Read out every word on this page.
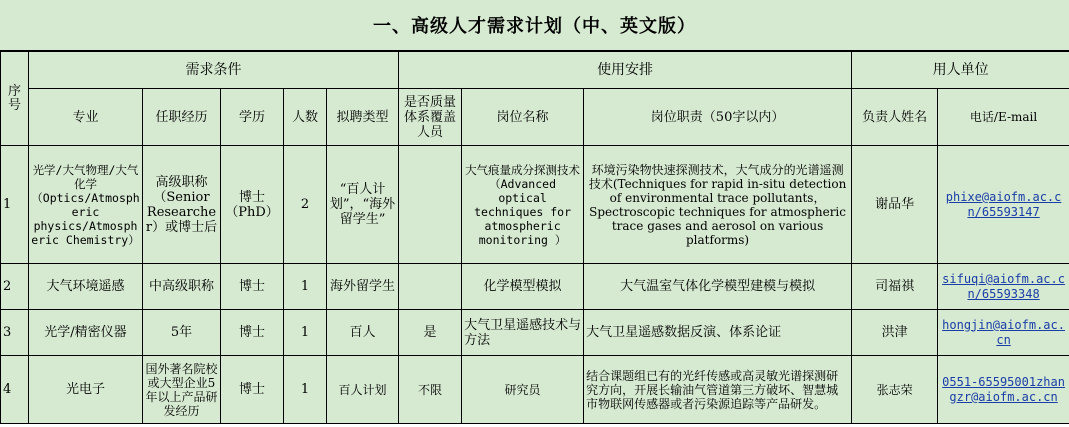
一、高级人才需求计划（中、英文版）
序号	需求条件					使用安排			用人单位	
	专业	任职经历	学历	人数	拟聘类型	是否质量体系覆盖人员	岗位名称	岗位职责（50字以内）	负责人姓名	电话/E-mail
1	光学/大气物理/大气化学（Optics/Atmospheric physics/Atmospheric Chemistry）	高级职称（Senior Researcher）或博士后	博士（PhD）	2	“百人计划”，“海外留学生”		大气痕量成分探测技术（Advanced optical techniques for atmospheric monitoring ）	环境污染物快速探测技术，大气成分的光谱遥测技术(Techniques for rapid in-situ detection of environmental trace pollutants，Spectroscopic techniques for atmospheric trace gases and aerosol on various platforms)	谢品华	phixe@aiofm.ac.cn/65593147
2	大气环境遥感	中高级职称	博士	1	海外留学生		化学模型模拟	大气温室气体化学模型建模与模拟	司福祺	sifuqi@aiofm.ac.cn/65593348
3	光学/精密仪器	5年	博士	1	百人	是	大气卫星遥感技术与方法	大气卫星遥感数据反演、体系论证	洪津	hongjin@aiofm.ac.cn
4	光电子	国外著名院校或大型企业5年以上产品研发经历	博士	1	百人计划	不限	研究员	结合课题组已有的光纤传感或高灵敏光谱探测研究方向，开展长输油气管道第三方破坏、智慧城市物联网传感器或者污染源追踪等产品研发。	张志荣	0551-65595001zhangzr@aiofm.ac.cn
